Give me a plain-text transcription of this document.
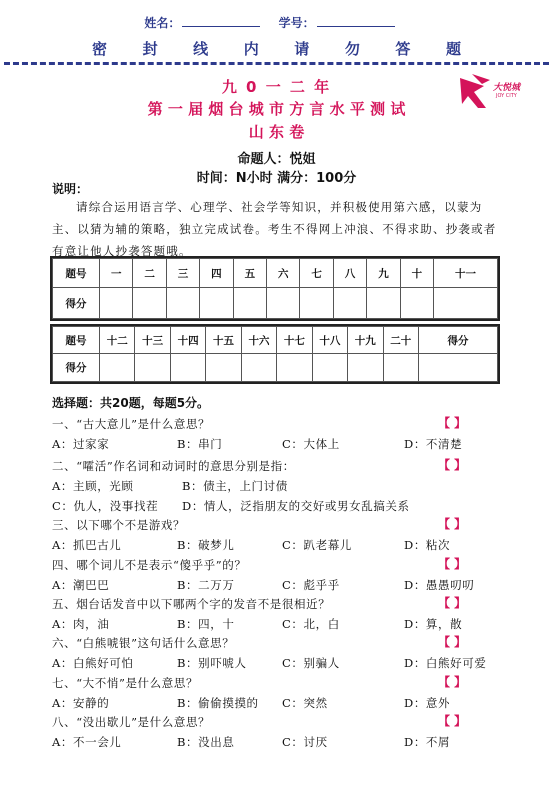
姓名：	学号：
密 封 线 内 请 勿 答 题
九 0 一 二 年
第 一 届 烟 台 城 市 方 言 水 平 测 试
山 东 卷
大悦城
JOY CITY
命题人：悦姐
时间：N小时 满分：100分
说明：
请综合运用语言学、心理学、社会学等知识，并积极使用第六感，以蒙为主、以猜为辅的策略，独立完成试卷。考生不得网上冲浪、不得求助、抄袭或者有意让他人抄袭答题哦。
题号	一	二	三	四	五	六	七	八	九	十	十一
得分											
题号	十二	十三	十四	十五	十六	十七	十八	十九	二十	得分
得分										
选择题：共20题，每题5分。
一、“古大意儿”是什么意思？	【 】
A：过家家	B：串门	C：大体上	D：不清楚
二、“嚯活”作名词和动词时的意思分别是指：	【 】
A：主顾，光顾	B：债主，上门讨债
C：仇人，没事找茬 D：情人，泛指朋友的交好或男女乱搞关系
三、以下哪个不是游戏？	【 】
A：抓巴古儿	B：破梦儿	C：趴老幕儿	D：粘次
四、哪个词儿不是表示“傻乎乎”的？	【 】
A：潮巴巴	B：二万万	C：彪乎乎	D：愚愚叨叨
五、烟台话发音中以下哪两个字的发音不是很相近？	【 】
A：肉，油	B：四，十	C：北，白	D：算，散
六、“白熊唬银”这句话什么意思？	【 】
A：白熊好可怕	B：别吓唬人	C：别骗人	D：白熊好可爱
七、“大不悄”是什么意思？	【 】
A：安静的	B：偷偷摸摸的 C：突然	D：意外
八、“没出歇儿”是什么意思？	【 】
A：不一会儿	B：没出息	C：讨厌	D：不屑
